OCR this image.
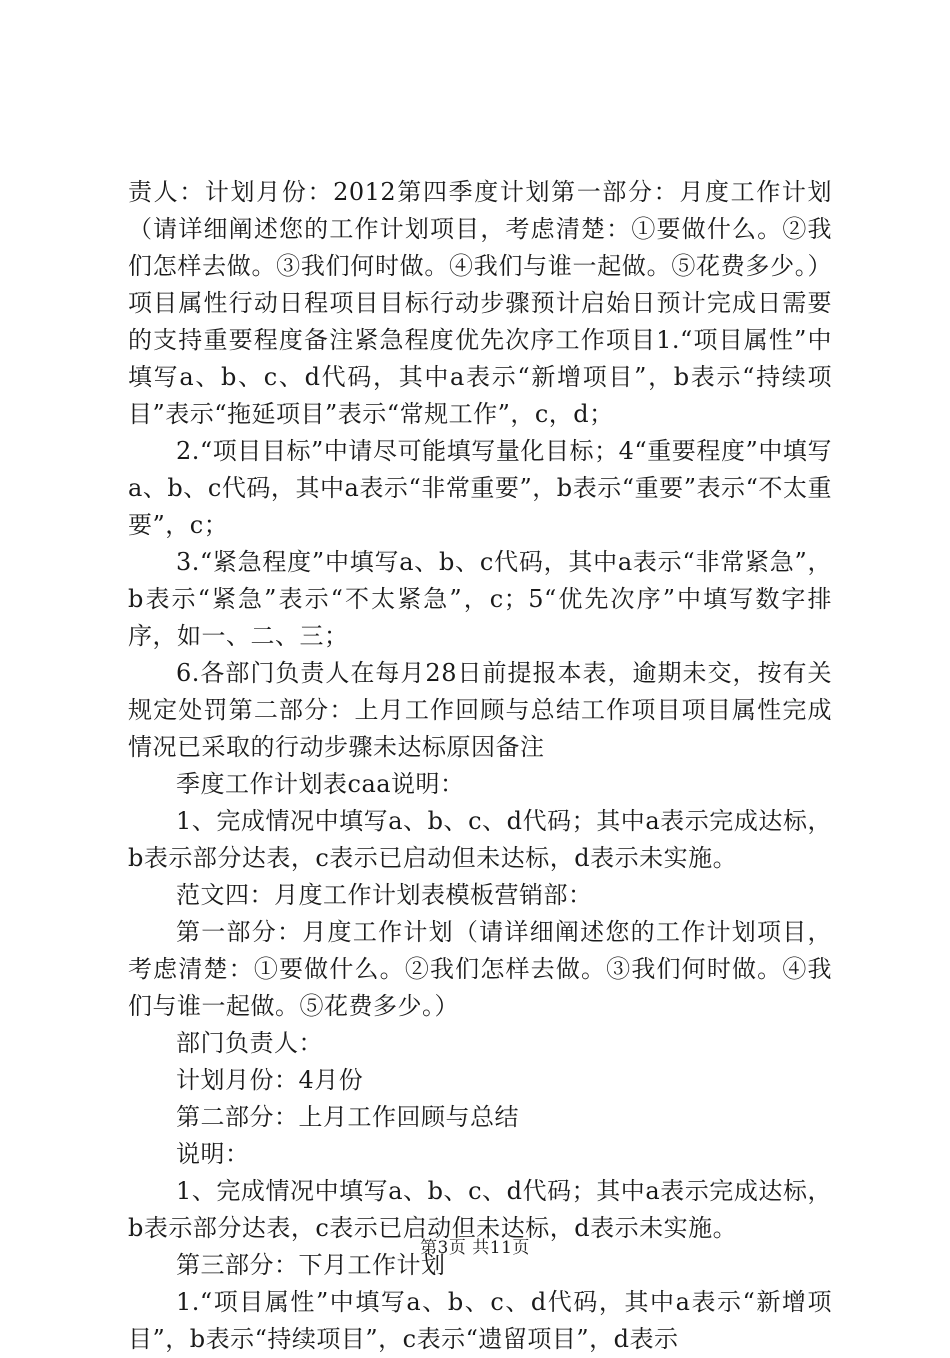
责人：计划月份：2012第四季度计划第一部分：月度工作计划（请详细阐述您的工作计划项目，考虑清楚：①要做什么。②我们怎样去做。③我们何时做。④我们与谁一起做。⑤花费多少。）项目属性行动日程项目目标行动步骤预计启始日预计完成日需要的支持重要程度备注紧急程度优先次序工作项目1.“项目属性”中填写a、b、c、d代码，其中a表示“新增项目”，b表示“持续项目”表示“拖延项目”表示“常规工作”，c，d；

2.“项目目标”中请尽可能填写量化目标；4“重要程度”中填写a、b、c代码，其中a表示“非常重要”，b表示“重要”表示“不太重要”，c；

3.“紧急程度”中填写a、b、c代码，其中a表示“非常紧急”，b表示“紧急”表示“不太紧急”，c；5“优先次序”中填写数字排序，如一、二、三；

6.各部门负责人在每月28日前提报本表，逾期未交，按有关规定处罚第二部分：上月工作回顾与总结工作项目项目属性完成情况已采取的行动步骤未达标原因备注

季度工作计划表caa说明：

1、完成情况中填写a、b、c、d代码；其中a表示完成达标，b表示部分达表，c表示已启动但未达标，d表示未实施。

范文四：月度工作计划表模板营销部：

第一部分：月度工作计划（请详细阐述您的工作计划项目，考虑清楚：①要做什么。②我们怎样去做。③我们何时做。④我们与谁一起做。⑤花费多少。）

部门负责人：

计划月份：4月份

第二部分：上月工作回顾与总结

说明：

1、完成情况中填写a、b、c、d代码；其中a表示完成达标，b表示部分达表，c表示已启动但未达标，d表示未实施。

第三部分：下月工作计划

1.“项目属性”中填写a、b、c、d代码，其中a表示“新增项目”，b表示“持续项目”，c表示“遗留项目”，d表示

第3页 共11页
